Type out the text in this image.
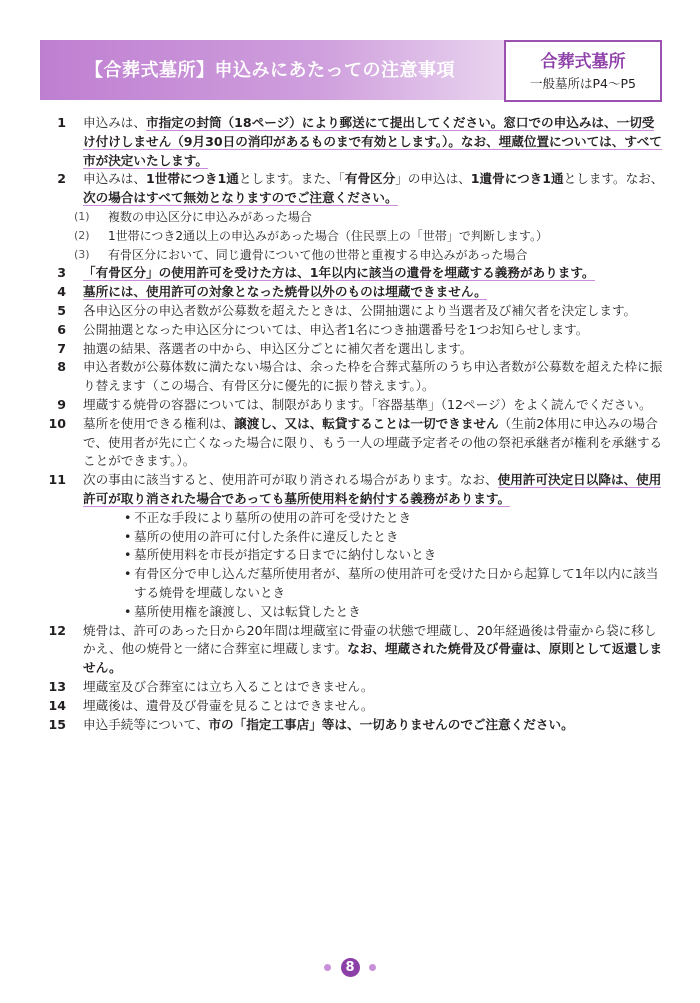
【合葬式墓所】申込みにあたっての注意事項	合葬式墓所
一般墓所はP4～P5
1 申込みは、市指定の封筒（18ページ）により郵送にて提出してください。窓口での申込みは、一切受け付けしません（9月30日の消印があるものまで有効とします。）。なお、埋蔵位置については、すべて市が決定いたします。
2 申込みは、1世帯につき1通とします。また、「有骨区分」の申込は、1遺骨につき1通とします。なお、次の場合はすべて無効となりますのでご注意ください。
(1) 複数の申込区分に申込みがあった場合
(2) 1世帯につき2通以上の申込みがあった場合（住民票上の「世帯」で判断します。）
(3) 有骨区分において、同じ遺骨について他の世帯と重複する申込みがあった場合
3 「有骨区分」の使用許可を受けた方は、1年以内に該当の遺骨を埋蔵する義務があります。
4 墓所には、使用許可の対象となった焼骨以外のものは埋蔵できません。
5 各申込区分の申込者数が公募数を超えたときは、公開抽選により当選者及び補欠者を決定します。
6 公開抽選となった申込区分については、申込者1名につき抽選番号を1つお知らせします。
7 抽選の結果、落選者の中から、申込区分ごとに補欠者を選出します。
8 申込者数が公募体数に満たない場合は、余った枠を合葬式墓所のうち申込者数が公募数を超えた枠に振り替えます（この場合、有骨区分に優先的に振り替えます。）。
9 埋蔵する焼骨の容器については、制限があります。「容器基準」（12ページ）をよく読んでください。
10 墓所を使用できる権利は、譲渡し、又は、転貸することは一切できません（生前2体用に申込みの場合で、使用者が先に亡くなった場合に限り、もう一人の埋蔵予定者その他の祭祀承継者が権利を承継することができます。）。
11 次の事由に該当すると、使用許可が取り消される場合があります。なお、使用許可決定日以降は、使用許可が取り消された場合であっても墓所使用料を納付する義務があります。
• 不正な手段により墓所の使用の許可を受けたとき
• 墓所の使用の許可に付した条件に違反したとき
• 墓所使用料を市長が指定する日までに納付しないとき
• 有骨区分で申し込んだ墓所使用者が、墓所の使用許可を受けた日から起算して1年以内に該当する焼骨を埋蔵しないとき
• 墓所使用権を譲渡し、又は転貸したとき
12 焼骨は、許可のあった日から20年間は埋蔵室に骨壷の状態で埋蔵し、20年経過後は骨壷から袋に移しかえ、他の焼骨と一緒に合葬室に埋蔵します。なお、埋蔵された焼骨及び骨壷は、原則として返還しません。
13 埋蔵室及び合葬室には立ち入ることはできません。
14 埋蔵後は、遺骨及び骨壷を見ることはできません。
15 申込手続等について、市の「指定工事店」等は、一切ありませんのでご注意ください。
8
